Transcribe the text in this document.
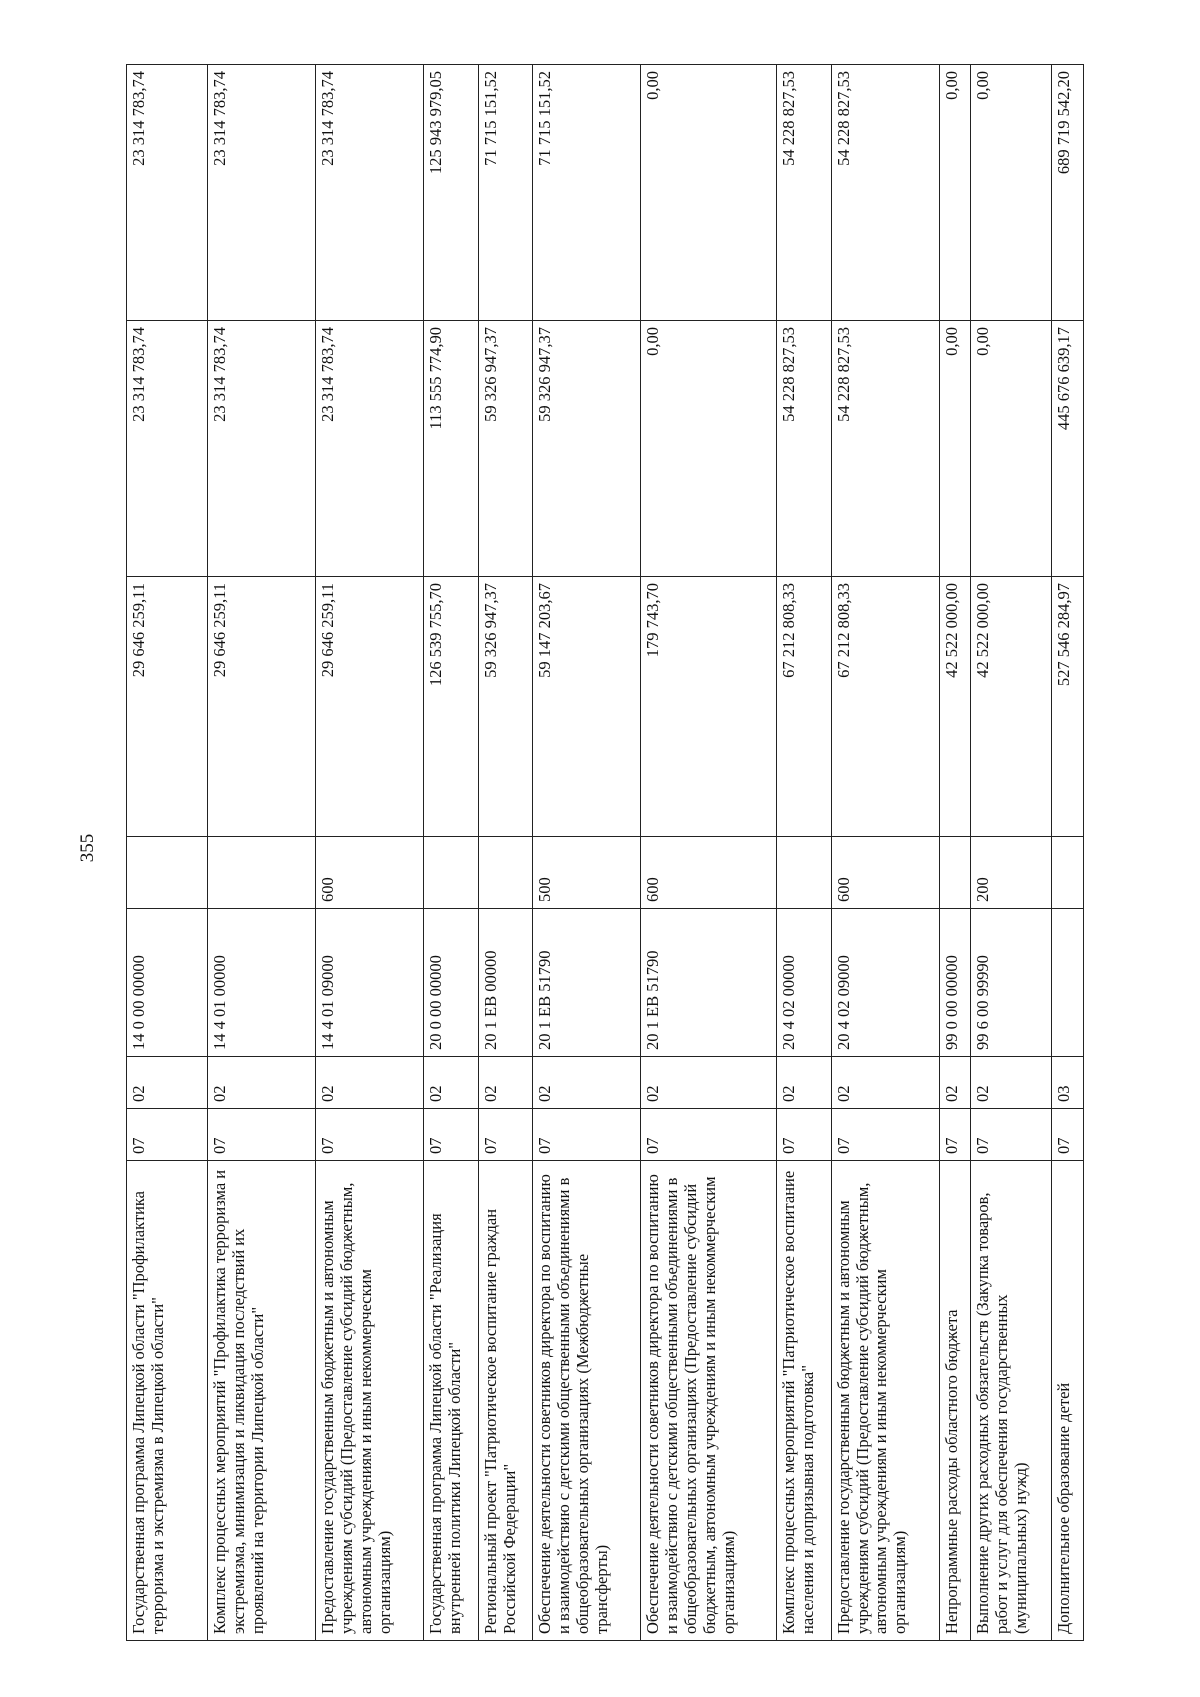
355
Государственная программа Липецкой области "Профилактика терроризма и экстремизма в Липецкой области"	07	02	14 0 00 00000		29 646 259,11	23 314 783,74	23 314 783,74
Комплекс процессных мероприятий "Профилактика терроризма и экстремизма, минимизация и ликвидация последствий их проявлений на территории Липецкой области"	07	02	14 4 01 00000		29 646 259,11	23 314 783,74	23 314 783,74
Предоставление государственным бюджетным и автономным учреждениям субсидий (Предоставление субсидий бюджетным, автономным учреждениям и иным некоммерческим организациям)	07	02	14 4 01 09000	600	29 646 259,11	23 314 783,74	23 314 783,74
Государственная программа Липецкой области "Реализация внутренней политики Липецкой области"	07	02	20 0 00 00000		126 539 755,70	113 555 774,90	125 943 979,05
Региональный проект "Патриотическое воспитание граждан Российской Федерации"	07	02	20 1 ЕВ 00000		59 326 947,37	59 326 947,37	71 715 151,52
Обеспечение деятельности советников директора по воспитанию и взаимодействию с детскими общественными объединениями в общеобразовательных организациях (Межбюджетные трансферты)	07	02	20 1 ЕВ 51790	500	59 147 203,67	59 326 947,37	71 715 151,52
Обеспечение деятельности советников директора по воспитанию и взаимодействию с детскими общественными объединениями в общеобразовательных организациях (Предоставление субсидий бюджетным, автономным учреждениям и иным некоммерческим организациям)	07	02	20 1 ЕВ 51790	600	179 743,70	0,00	0,00
Комплекс процессных мероприятий "Патриотическое воспитание населения и допризывная подготовка"	07	02	20 4 02 00000		67 212 808,33	54 228 827,53	54 228 827,53
Предоставление государственным бюджетным и автономным учреждениям субсидий (Предоставление субсидий бюджетным, автономным учреждениям и иным некоммерческим организациям)	07	02	20 4 02 09000	600	67 212 808,33	54 228 827,53	54 228 827,53
Непрограммные расходы областного бюджета	07	02	99 0 00 00000		42 522 000,00	0,00	0,00
Выполнение других расходных обязательств (Закупка товаров, работ и услуг для обеспечения государственных (муниципальных) нужд)	07	02	99 6 00 99990	200	42 522 000,00	0,00	0,00
Дополнительное образование детей	07	03			527 546 284,97	445 676 639,17	689 719 542,20
